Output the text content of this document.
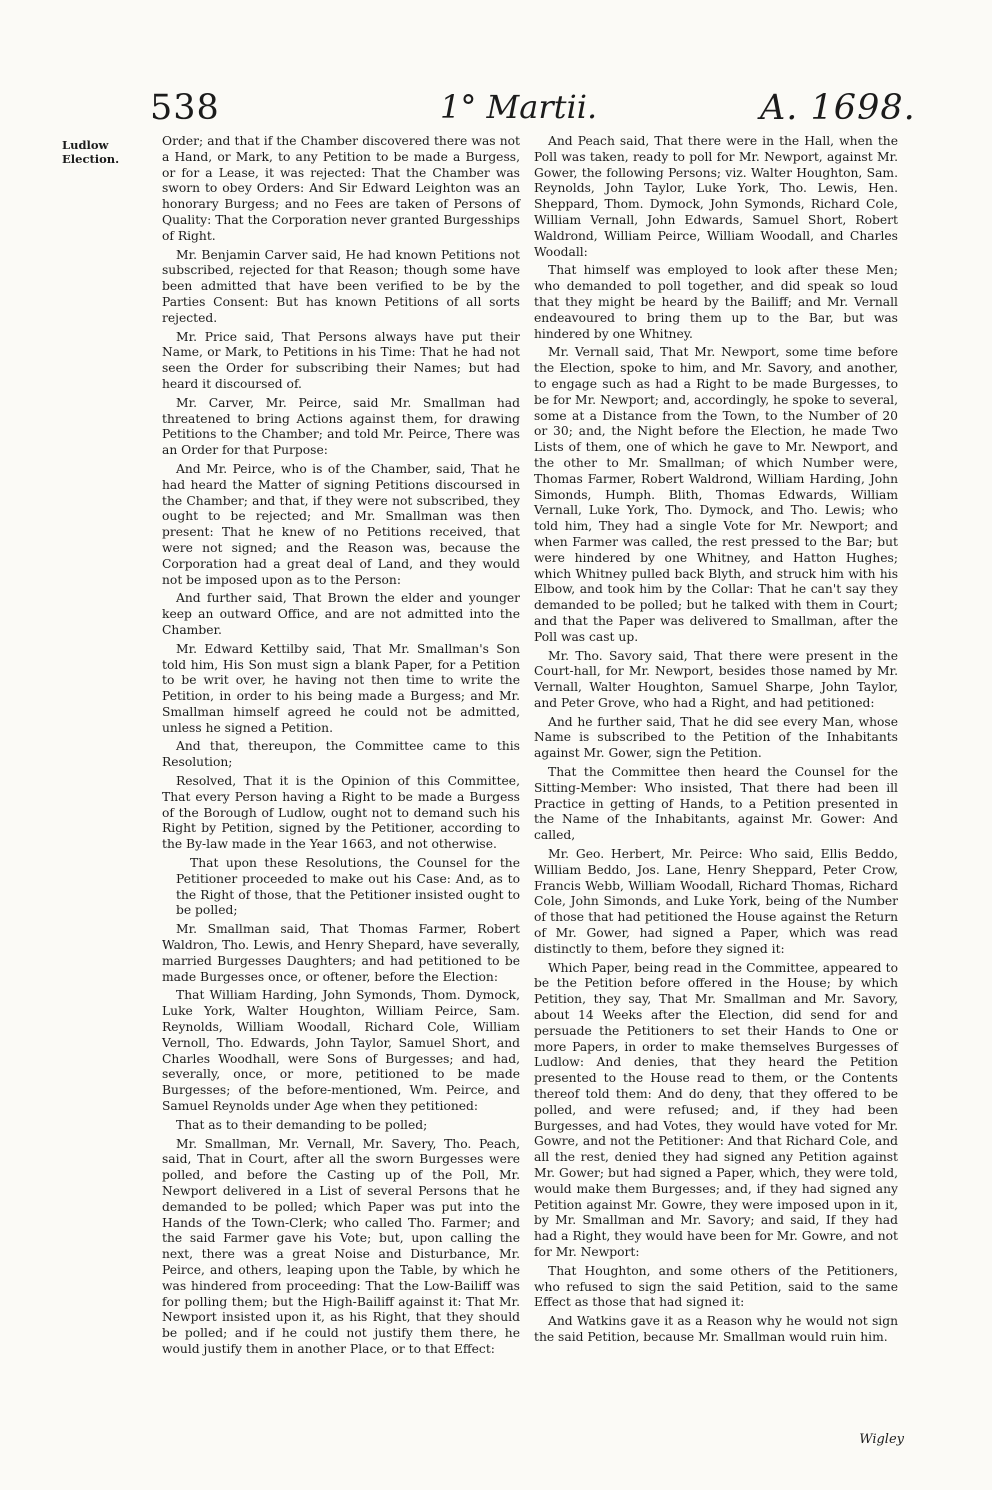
538	1° Martii.	A. 1698.
Ludlow Election.

Order; and that if the Chamber discovered there was not a Hand, or Mark, to any Petition to be made a Burgess, or for a Lease, it was rejected: That the Chamber was sworn to obey Orders: And Sir Edward Leighton was an honorary Burgess; and no Fees are taken of Persons of Quality: That the Corporation never granted Burgesships of Right.

Mr. Benjamin Carver said, He had known Petitions not subscribed, rejected for that Reason; though some have been admitted that have been verified to be by the Parties Consent: But has known Petitions of all sorts rejected.

Mr. Price said, That Persons always have put their Name, or Mark, to Petitions in his Time: That he had not seen the Order for subscribing their Names; but had heard it discoursed of.

Mr. Carver, Mr. Peirce, said Mr. Smallman had threatened to bring Actions against them, for drawing Petitions to the Chamber; and told Mr. Peirce, There was an Order for that Purpose:

And Mr. Peirce, who is of the Chamber, said, That he had heard the Matter of signing Petitions discoursed in the Chamber; and that, if they were not subscribed, they ought to be rejected; and Mr. Smallman was then present: That he knew of no Petitions received, that were not signed; and the Reason was, because the Corporation had a great deal of Land, and they would not be imposed upon as to the Person:

And further said, That Brown the elder and younger keep an outward Office, and are not admitted into the Chamber.

Mr. Edward Kettilby said, That Mr. Smallman's Son told him, His Son must sign a blank Paper, for a Petition to be writ over, he having not then time to write the Petition, in order to his being made a Burgess; and Mr. Smallman himself agreed he could not be admitted, unless he signed a Petition.

And that, thereupon, the Committee came to this Resolution;

Resolved, That it is the Opinion of this Committee, That every Person having a Right to be made a Burgess of the Borough of Ludlow, ought not to demand such his Right by Petition, signed by the Petitioner, according to the By-law made in the Year 1663, and not otherwise.

That upon these Resolutions, the Counsel for the Petitioner proceeded to make out his Case: And, as to the Right of those, that the Petitioner insisted ought to be polled;

Mr. Smallman said, That Thomas Farmer, Robert Waldron, Tho. Lewis, and Henry Shepard, have severally, married Burgesses Daughters; and had petitioned to be made Burgesses once, or oftener, before the Election:

That William Harding, John Symonds, Thom. Dymock, Luke York, Walter Houghton, William Peirce, Sam. Reynolds, William Woodall, Richard Cole, William Vernoll, Tho. Edwards, John Taylor, Samuel Short, and Charles Woodhall, were Sons of Burgesses; and had, severally, once, or more, petitioned to be made Burgesses; of the before-mentioned, Wm. Peirce, and Samuel Reynolds under Age when they petitioned:

That as to their demanding to be polled;

Mr. Smallman, Mr. Vernall, Mr. Savery, Tho. Peach, said, That in Court, after all the sworn Burgesses were polled, and before the Casting up of the Poll, Mr. Newport delivered in a List of several Persons that he demanded to be polled; which Paper was put into the Hands of the Town-Clerk; who called Tho. Farmer; and the said Farmer gave his Vote; but, upon calling the next, there was a great Noise and Disturbance, Mr. Peirce, and others, leaping upon the Table, by which he was hindered from proceeding: That the Low-Bailiff was for polling them; but the High-Bailiff against it: That Mr. Newport insisted upon it, as his Right, that they should be polled; and if he could not justify them there, he would justify them in another Place, or to that Effect:

And Peach said, That there were in the Hall, when the Poll was taken, ready to poll for Mr. Newport, against Mr. Gower, the following Persons; viz. Walter Houghton, Sam. Reynolds, John Taylor, Luke York, Tho. Lewis, Hen. Sheppard, Thom. Dymock, John Symonds, Richard Cole, William Vernall, John Edwards, Samuel Short, Robert Waldrond, William Peirce, William Woodall, and Charles Woodall:

That himself was employed to look after these Men; who demanded to poll together, and did speak so loud that they might be heard by the Bailiff; and Mr. Vernall endeavoured to bring them up to the Bar, but was hindered by one Whitney.

Mr. Vernall said, That Mr. Newport, some time before the Election, spoke to him, and Mr. Savory, and another, to engage such as had a Right to be made Burgesses, to be for Mr. Newport; and, accordingly, he spoke to several, some at a Distance from the Town, to the Number of 20 or 30; and, the Night before the Election, he made Two Lists of them, one of which he gave to Mr. Newport, and the other to Mr. Smallman; of which Number were, Thomas Farmer, Robert Waldrond, William Harding, John Simonds, Humph. Blith, Thomas Edwards, William Vernall, Luke York, Tho. Dymock, and Tho. Lewis; who told him, They had a single Vote for Mr. Newport; and when Farmer was called, the rest pressed to the Bar; but were hindered by one Whitney, and Hatton Hughes; which Whitney pulled back Blyth, and struck him with his Elbow, and took him by the Collar: That he can't say they demanded to be polled; but he talked with them in Court; and that the Paper was delivered to Smallman, after the Poll was cast up.

Mr. Tho. Savory said, That there were present in the Court-hall, for Mr. Newport, besides those named by Mr. Vernall, Walter Houghton, Samuel Sharpe, John Taylor, and Peter Grove, who had a Right, and had petitioned:

And he further said, That he did see every Man, whose Name is subscribed to the Petition of the Inhabitants against Mr. Gower, sign the Petition.

That the Committee then heard the Counsel for the Sitting-Member: Who insisted, That there had been ill Practice in getting of Hands, to a Petition presented in the Name of the Inhabitants, against Mr. Gower: And called,

Mr. Geo. Herbert, Mr. Peirce: Who said, Ellis Beddo, William Beddo, Jos. Lane, Henry Sheppard, Peter Crow, Francis Webb, William Woodall, Richard Thomas, Richard Cole, John Simonds, and Luke York, being of the Number of those that had petitioned the House against the Return of Mr. Gower, had signed a Paper, which was read distinctly to them, before they signed it:

Which Paper, being read in the Committee, appeared to be the Petition before offered in the House; by which Petition, they say, That Mr. Smallman and Mr. Savory, about 14 Weeks after the Election, did send for and persuade the Petitioners to set their Hands to One or more Papers, in order to make themselves Burgesses of Ludlow: And denies, that they heard the Petition presented to the House read to them, or the Contents thereof told them: And do deny, that they offered to be polled, and were refused; and, if they had been Burgesses, and had Votes, they would have voted for Mr. Gowre, and not the Petitioner: And that Richard Cole, and all the rest, denied they had signed any Petition against Mr. Gower; but had signed a Paper, which, they were told, would make them Burgesses; and, if they had signed any Petition against Mr. Gowre, they were imposed upon in it, by Mr. Smallman and Mr. Savory; and said, If they had had a Right, they would have been for Mr. Gowre, and not for Mr. Newport:

That Houghton, and some others of the Petitioners, who refused to sign the said Petition, said to the same Effect as those that had signed it:

And Watkins gave it as a Reason why he would not sign the said Petition, because Mr. Smallman would ruin him.

Wigley
